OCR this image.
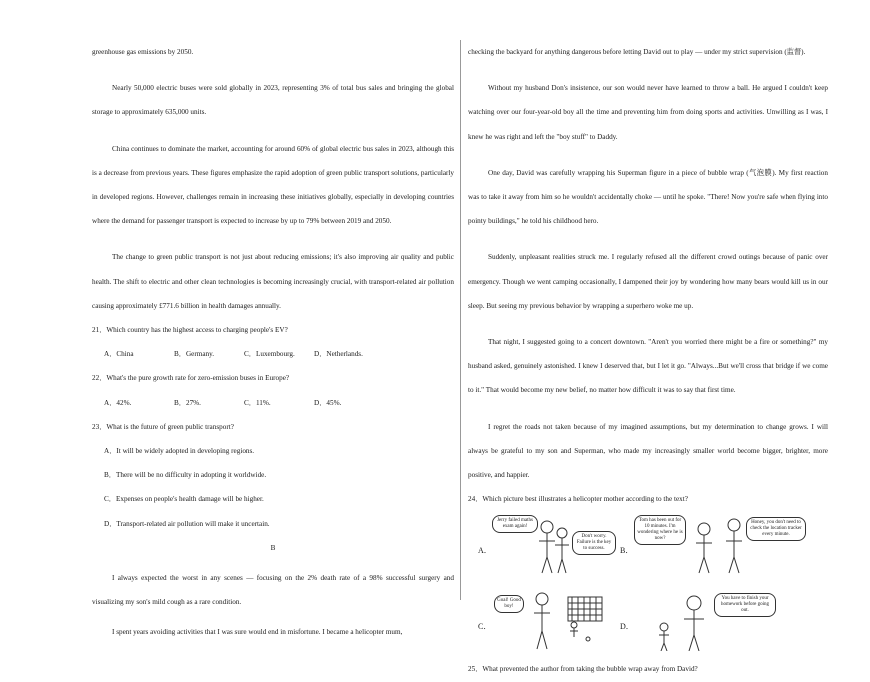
greenhouse gas emissions by 2050.

Nearly 50,000 electric buses were sold globally in 2023, representing 3% of total bus sales and bringing the global storage to approximately 635,000 units.

China continues to dominate the market, accounting for around 60% of global electric bus sales in 2023, although this is a decrease from previous years. These figures emphasize the rapid adoption of green public transport solutions, particularly in developed regions. However, challenges remain in increasing these initiatives globally, especially in developing countries where the demand for passenger transport is expected to increase by up to 79% between 2019 and 2050.

The change to green public transport is not just about reducing emissions; it's also improving air quality and public health. The shift to electric and other clean technologies is becoming increasingly crucial, with transport-related air pollution causing approximately £771.6 billion in health damages annually.

21．Which country has the highest access to charging people's EV?

A．China	B．Germany.	C．Luxembourg.	D．Netherlands.

22．What's the pure growth rate for zero-emission buses in Europe?

A．42%.	B．27%.	C．11%.	D．45%.

23．What is the future of green public transport?

A．It will be widely adopted in developing regions.

B．There will be no difficulty in adopting it worldwide.

C．Expenses on people's health damage will be higher.

D．Transport-related air pollution will make it uncertain.

B

I always expected the worst in any scenes — focusing on the 2% death rate of a 98% successful surgery and visualizing my son's mild cough as a rare condition.

I spent years avoiding activities that I was sure would end in misfortune. I became a helicopter mum,

checking the backyard for anything dangerous before letting David out to play — under my strict supervision (监督).

Without my husband Don's insistence, our son would never have learned to throw a ball. He argued I couldn't keep watching over our four-year-old boy all the time and preventing him from doing sports and activities. Unwilling as I was, I knew he was right and left the "boy stuff" to Daddy.

One day, David was carefully wrapping his Superman figure in a piece of bubble wrap (气泡膜). My first reaction was to take it away from him so he wouldn't accidentally choke — until he spoke. "There! Now you're safe when flying into pointy buildings," he told his childhood hero.

Suddenly, unpleasant realities struck me. I regularly refused all the different crowd outings because of panic over emergency. Though we went camping occasionally, I dampened their joy by wondering how many bears would kill us in our sleep. But seeing my previous behavior by wrapping a superhero woke me up.

That night, I suggested going to a concert downtown. "Aren't you worried there might be a fire or something?" my husband asked, genuinely astonished. I knew I deserved that, but I let it go. "Always...But we'll cross that bridge if we come to it." That would become my new belief, no matter how difficult it was to say that first time.

I regret the roads not taken because of my imagined assumptions, but my determination to change grows. I will always be grateful to my son and Superman, who made my increasingly smaller world become bigger, brighter, more positive, and happier.

24．Which picture best illustrates a helicopter mother according to the text?

A．
Jerry failed maths exam again!
Don't worry. Failure is the key to success.	B．
Tom has been out for 10 minutes. I'm wondering where he is now?
Honey, you don't need to check the location tracker every minute.
C．
Goal! Good boy!
D．
You have to finish your homework before going out.

25．What prevented the author from taking the bubble wrap away from David?
